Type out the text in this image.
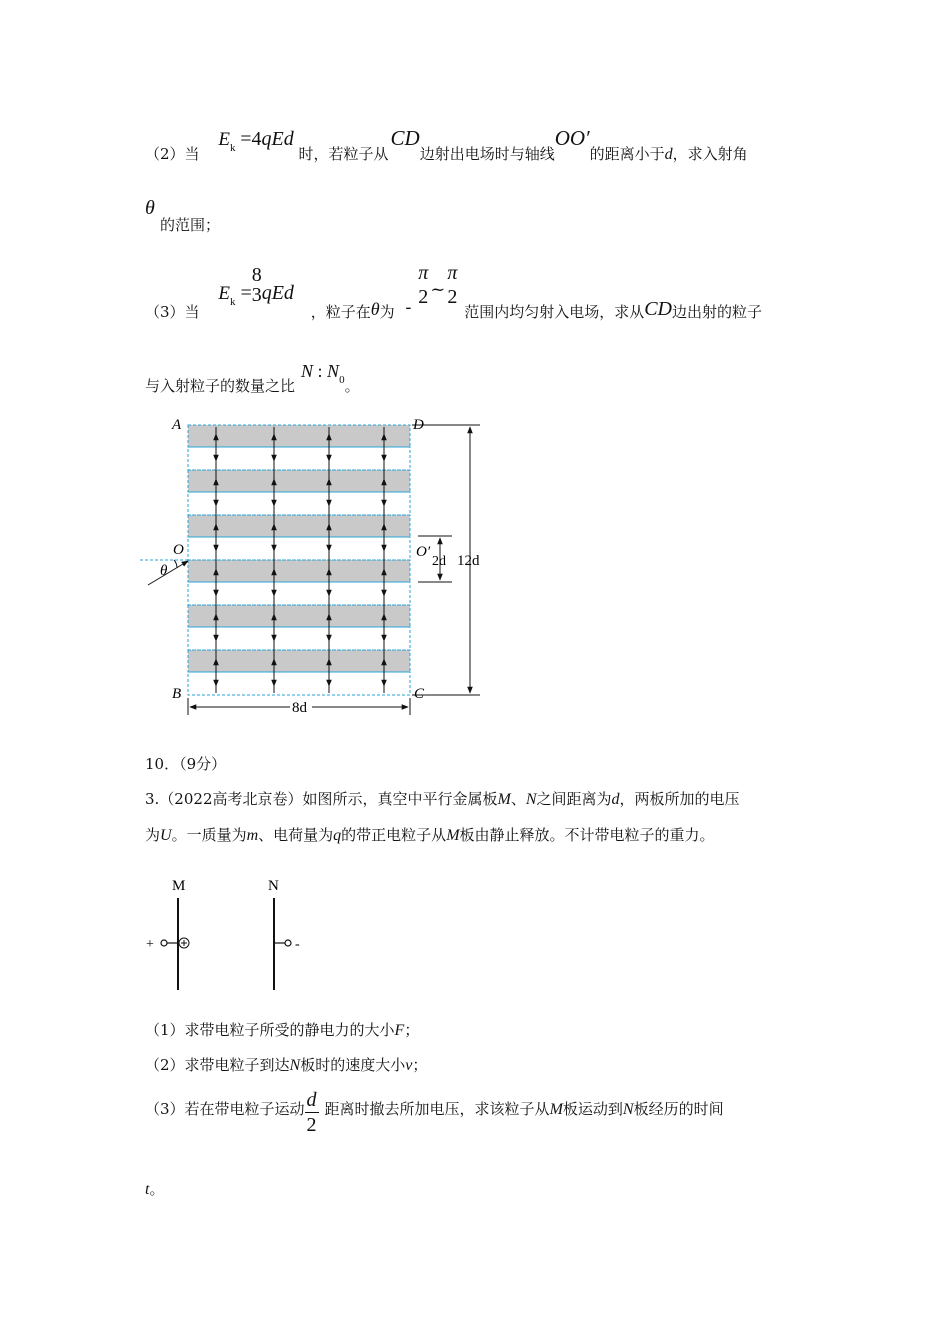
（2）当 $E_k =4qEd$ 时，若粒子从CD边射出电场时与轴线OO′的距离小于d，求入射角
θ
的范围；
（3）当 $E_k$ =
8
3 qEd ，粒子在θ为 -
π
2 ~
π
2
范围内均匀射入电场，求从CD边出射的粒子
与入射粒子的数量之比N : $N_0$。
A	D
B	C
O	O′
θ
2d 12d
8d
10．（9分）
3.（2022高考北京卷）如图所示，真空中平行金属板M、N之间距离为d，两板所加的电压
为U。一质量为m、电荷量为q的带正电粒子从M板由静止释放。不计带电粒子的重力。
M	N
+	-
（1）求带电粒子所受的静电力的大小F；
（2）求带电粒子到达N板时的速度大小v；
（3）若在带电粒子运动 $\frac{d}{2}$ 距离时撤去所加电压，求该粒子从M板运动到N板经历的时间
t。
